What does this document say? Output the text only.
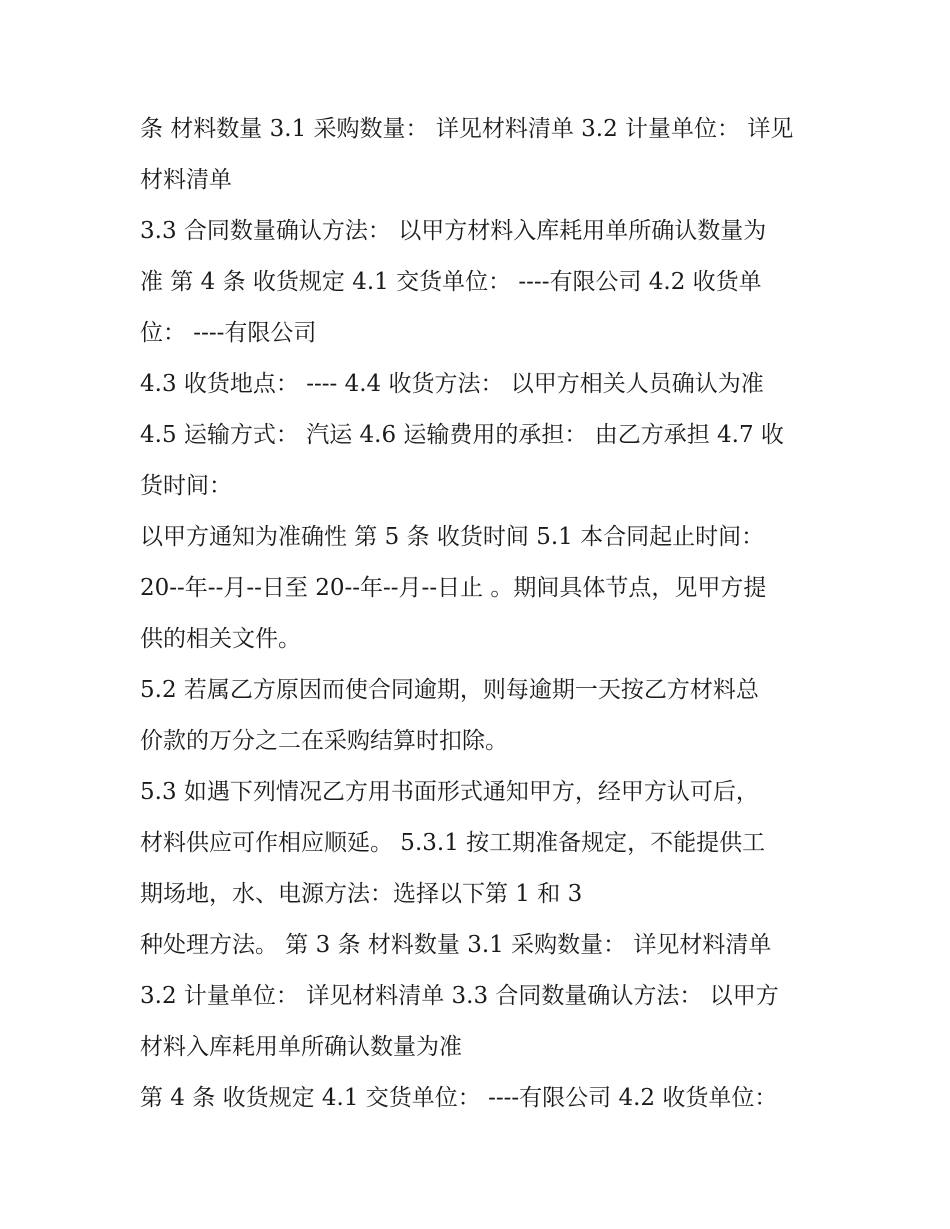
条 材料数量 3.1 采购数量： 详见材料清单 3.2 计量单位： 详见
材料清单
3.3 合同数量确认方法： 以甲方材料入库耗用单所确认数量为
准 第 4 条 收货规定 4.1 交货单位： ----有限公司 4.2 收货单
位： ----有限公司
4.3 收货地点： ---- 4.4 收货方法： 以甲方相关人员确认为准
4.5 运输方式： 汽运 4.6 运输费用的承担： 由乙方承担 4.7 收
货时间：
以甲方通知为准确性 第 5 条 收货时间 5.1 本合同起止时间：
20--年--月--日至 20--年--月--日止 。期间具体节点，见甲方提
供的相关文件。
5.2 若属乙方原因而使合同逾期，则每逾期一天按乙方材料总
价款的万分之二在采购结算时扣除。
5.3 如遇下列情况乙方用书面形式通知甲方，经甲方认可后，
材料供应可作相应顺延。 5.3.1 按工期准备规定，不能提供工
期场地，水、电源方法：选择以下第 1 和 3
种处理方法。 第 3 条 材料数量 3.1 采购数量： 详见材料清单
3.2 计量单位： 详见材料清单 3.3 合同数量确认方法： 以甲方
材料入库耗用单所确认数量为准
第 4 条 收货规定 4.1 交货单位： ----有限公司 4.2 收货单位：
